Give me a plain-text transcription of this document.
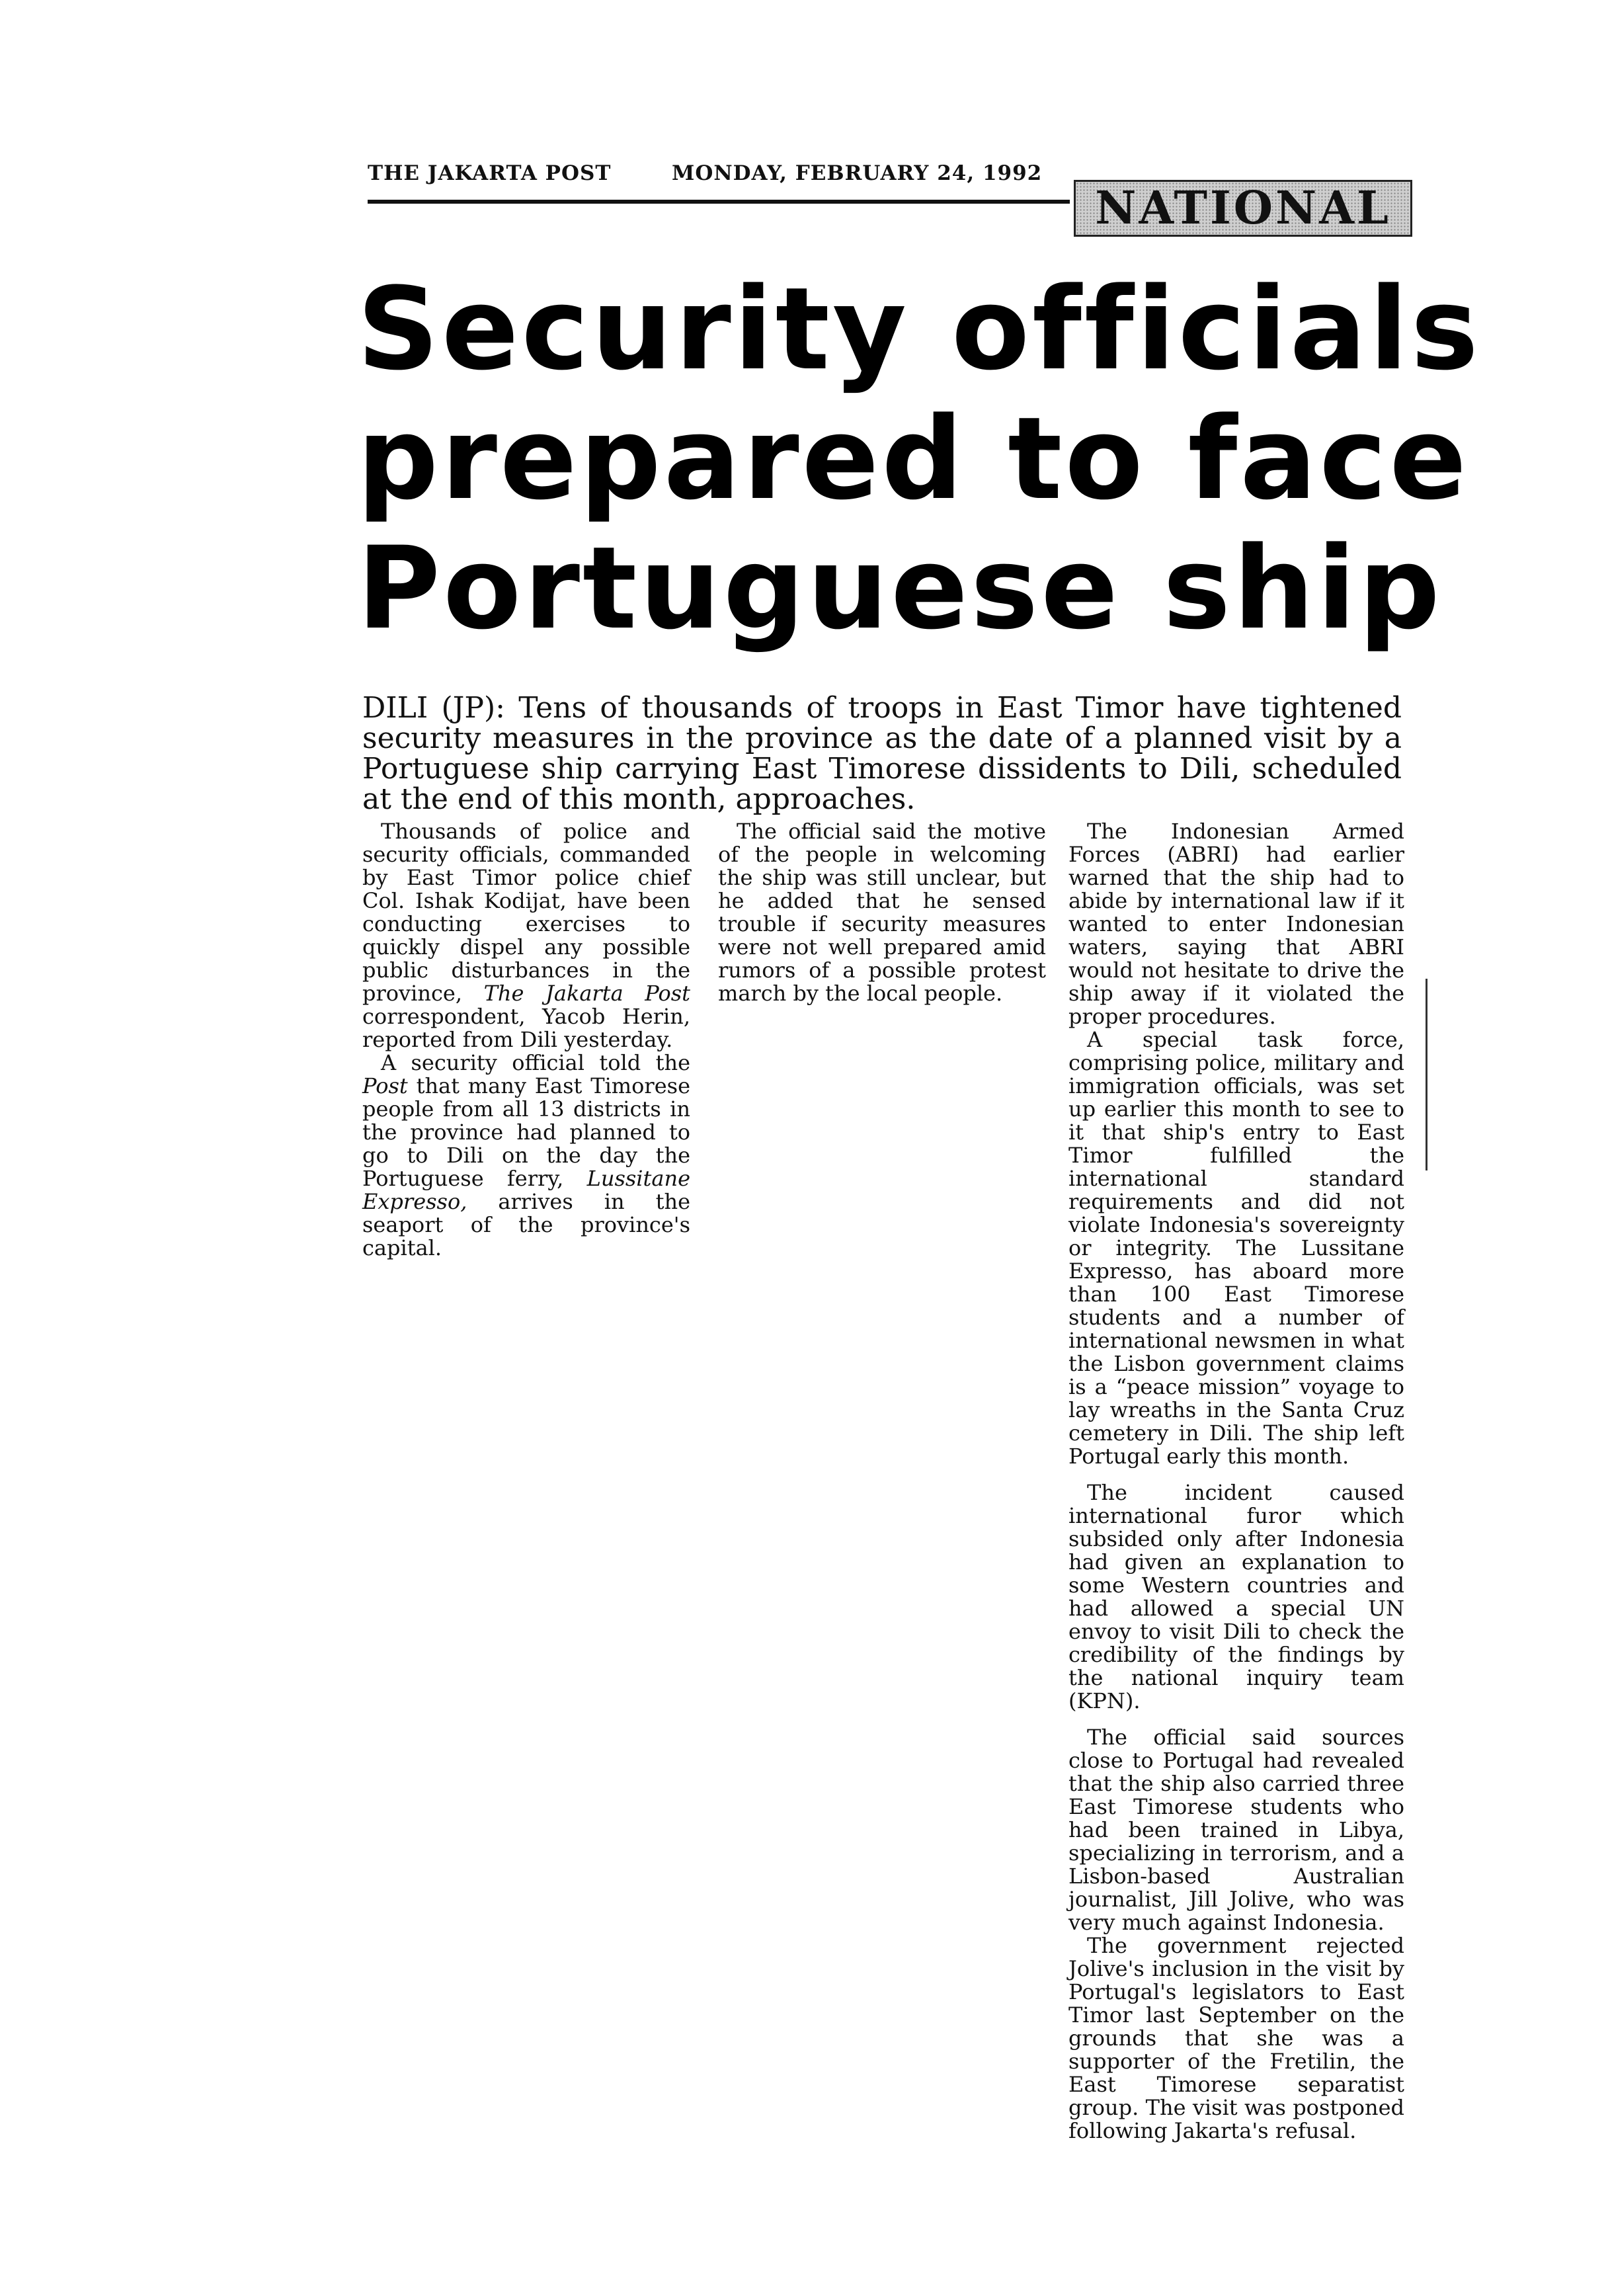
THE JAKARTA POST	MONDAY, FEBRUARY 24, 1992
NATIONAL
Security officials
prepared to face
Portuguese ship
DILI (JP): Tens of thousands of troops in East Timor have tightened security measures in the province as the date of a planned visit by a Portuguese ship carrying East Timorese dissidents to Dili, scheduled at the end of this month, approaches.

Thousands of police and security officials, commanded by East Timor police chief Col. Ishak Kodijat, have been conducting exercises to quickly dispel any possible public disturbances in the province, The Jakarta Post correspondent, Yacob Herin, reported from Dili yesterday.

A security official told the Post that many East Timorese people from all 13 districts in the province had planned to go to Dili on the day the Portuguese ferry, Lussitane Expresso, arrives in the seaport of the province's capital.

The official said the motive of the people in welcoming the ship was still unclear, but he added that he sensed trouble if security measures were not well prepared amid rumors of a possible protest march by the local people.

The Indonesian Armed Forces (ABRI) had earlier warned that the ship had to abide by international law if it wanted to enter Indonesian waters, saying that ABRI would not hesitate to drive the ship away if it violated the proper procedures.

A special task force, comprising police, military and immigration officials, was set up earlier this month to see to it that ship's entry to East Timor fulfilled the international standard requirements and did not violate Indonesia's sovereignty or integrity. The Lussitane Expresso, has aboard more than 100 East Timorese students and a number of international newsmen in what the Lisbon government claims is a “peace mission” voyage to lay wreaths in the Santa Cruz cemetery in Dili. The ship left Portugal early this month.

The incident caused international furor which subsided only after Indonesia had given an explanation to some Western countries and had allowed a special UN envoy to visit Dili to check the credibility of the findings by the national inquiry team (KPN).

The official said sources close to Portugal had revealed that the ship also carried three East Timorese students who had been trained in Libya, specializing in terrorism, and a Lisbon-based Australian journalist, Jill Jolive, who was very much against Indonesia.

The government rejected Jolive's inclusion in the visit by Portugal's legislators to East Timor last September on the grounds that she was a supporter of the Fretilin, the East Timorese separatist group. The visit was postponed following Jakarta's refusal.
